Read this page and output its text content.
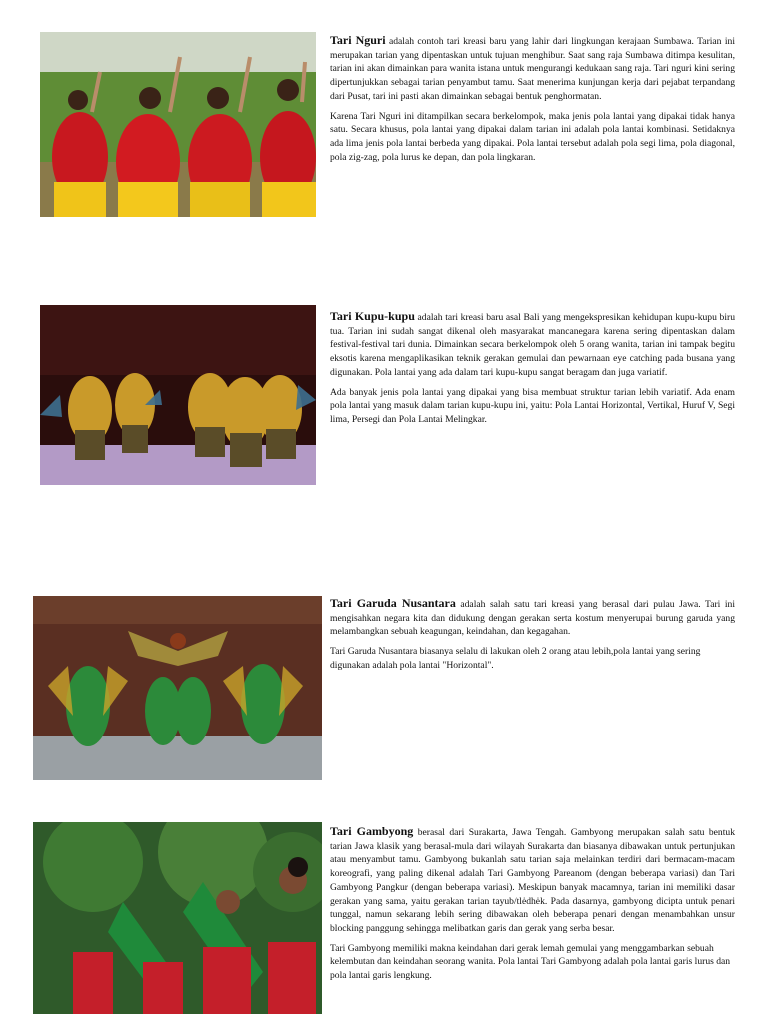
Tari Nguri adalah contoh tari kreasi baru yang lahir dari lingkungan kerajaan Sumbawa. Tarian ini merupakan tarian yang dipentaskan untuk tujuan menghibur. Saat sang raja Sumbawa ditimpa kesulitan, tarian ini akan dimainkan para wanita istana untuk mengurangi kedukaan sang raja. Tari nguri kini sering dipertunjukkan sebagai tarian penyambut tamu. Saat menerima kunjungan kerja dari pejabat terpandang dari Pusat, tari ini pasti akan dimainkan sebagai bentuk penghormatan.

Karena Tari Nguri ini ditampilkan secara berkelompok, maka jenis pola lantai yang dipakai tidak hanya satu. Secara khusus, pola lantai yang dipakai dalam tarian ini adalah pola lantai kombinasi. Setidaknya ada lima jenis pola lantai berbeda yang dipakai. Pola lantai tersebut adalah pola segi lima, pola diagonal, pola zig-zag, pola lurus ke depan, dan pola lingkaran.

Tari Kupu-kupu adalah tari kreasi baru asal Bali yang mengekspresikan kehidupan kupu-kupu biru tua. Tarian ini sudah sangat dikenal oleh masyarakat mancanegara karena sering dipentaskan dalam festival-festival tari dunia. Dimainkan secara berkelompok oleh 5 orang wanita, tarian ini tampak begitu eksotis karena mengaplikasikan teknik gerakan gemulai dan pewarnaan eye catching pada busana yang digunakan. Pola lantai yang ada dalam tari kupu-kupu sangat beragam dan juga variatif.

Ada banyak jenis pola lantai yang dipakai yang bisa membuat struktur tarian lebih variatif. Ada enam pola lantai yang masuk dalam tarian kupu-kupu ini, yaitu: Pola Lantai Horizontal, Vertikal, Huruf V, Segi lima, Persegi dan Pola Lantai Melingkar.

Tari Garuda Nusantara adalah salah satu tari kreasi yang berasal dari pulau Jawa. Tari ini mengisahkan negara kita dan didukung dengan gerakan serta kostum menyerupai burung garuda yang melambangkan sebuah keagungan, keindahan, dan kegagahan.

Tari Garuda Nusantara biasanya selalu di lakukan oleh 2 orang atau lebih,pola lantai yang sering digunakan adalah pola lantai "Horizontal".

Tari Gambyong berasal dari Surakarta, Jawa Tengah. Gambyong merupakan salah satu bentuk tarian Jawa klasik yang berasal-mula dari wilayah Surakarta dan biasanya dibawakan untuk pertunjukan atau menyambut tamu. Gambyong bukanlah satu tarian saja melainkan terdiri dari bermacam-macam koreografi, yang paling dikenal adalah Tari Gambyong Pareanom (dengan beberapa variasi) dan Tari Gambyong Pangkur (dengan beberapa variasi). Meskipun banyak macamnya, tarian ini memiliki dasar gerakan yang sama, yaitu gerakan tarian tayub/tlėdhėk. Pada dasarnya, gambyong dicipta untuk penari tunggal, namun sekarang lebih sering dibawakan oleh beberapa penari dengan menambahkan unsur blocking panggung sehingga melibatkan garis dan gerak yang serba besar.

Tari Gambyong memiliki makna keindahan dari gerak lemah gemulai yang menggambarkan sebuah kelembutan dan keindahan seorang wanita. Pola lantai Tari Gambyong adalah pola lantai garis lurus dan pola lantai garis lengkung.
